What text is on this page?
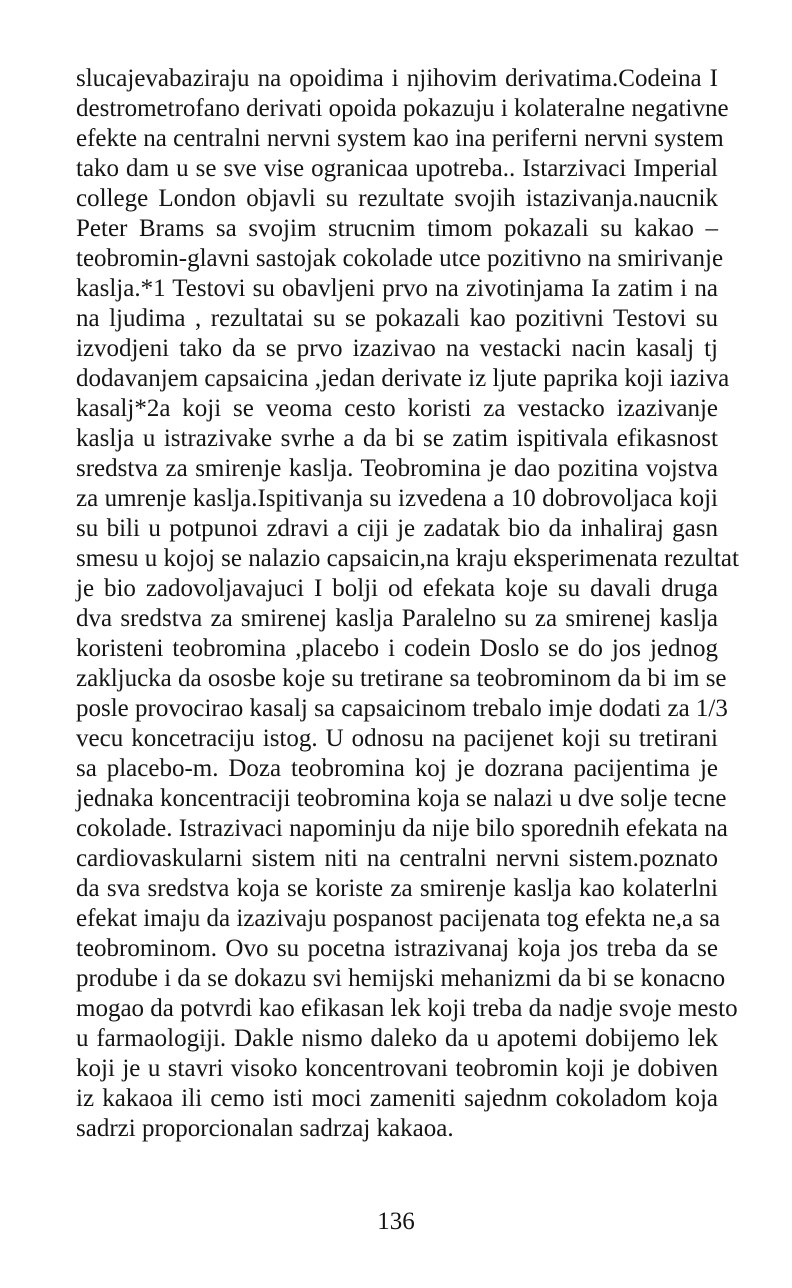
slucajevabaziraju na opoidima i njihovim derivatima.Codeina I
destrometrofano derivati opoida pokazuju i kolateralne negativne
efekte na centralni nervni system kao ina periferni nervni system
tako dam u se sve vise ogranicaa upotreba.. Istarzivaci Imperial
college London objavli su rezultate svojih istazivanja.naucnik
Peter Brams sa svojim strucnim timom pokazali su kakao –
teobromin-glavni sastojak cokolade utce pozitivno na smirivanje
kaslja.*1 Testovi su obavljeni prvo na zivotinjama Ia zatim i na
na ljudima , rezultatai su se pokazali kao pozitivni Testovi su
izvodjeni tako da se prvo izazivao na vestacki nacin kasalj tj
dodavanjem capsaicina ,jedan derivate iz ljute paprika koji iaziva
kasalj*2a koji se veoma cesto koristi za vestacko izazivanje
kaslja u istrazivake svrhe a da bi se zatim ispitivala efikasnost
sredstva za smirenje kaslja. Teobromina je dao pozitina vojstva
za umrenje kaslja.Ispitivanja su izvedena a 10 dobrovoljaca koji
su bili u potpunoi zdravi a ciji je zadatak bio da inhaliraj gasn
smesu u kojoj se nalazio capsaicin,na kraju eksperimenata rezultat
je bio zadovoljavajuci I bolji od efekata koje su davali druga
dva sredstva za smirenej kaslja Paralelno su za smirenej kaslja
koristeni teobromina ,placebo i codein Doslo se do jos jednog
zakljucka da ososbe koje su tretirane sa teobrominom da bi im se
posle provocirao kasalj sa capsaicinom trebalo imje dodati za 1/3
vecu koncetraciju istog. U odnosu na pacijenet koji su tretirani
sa placebo-m. Doza teobromina koj je dozrana pacijentima je
jednaka koncentraciji teobromina koja se nalazi u dve solje tecne
cokolade. Istrazivaci napominju da nije bilo sporednih efekata na
cardiovaskularni sistem niti na centralni nervni sistem.poznato
da sva sredstva koja se koriste za smirenje kaslja kao kolaterlni
efekat imaju da izazivaju pospanost pacijenata tog efekta ne,a sa
teobrominom. Ovo su pocetna istrazivanaj koja jos treba da se
prodube i da se dokazu svi hemijski mehanizmi da bi se konacno
mogao da potvrdi kao efikasan lek koji treba da nadje svoje mesto
u farmaologiji. Dakle nismo daleko da u apotemi dobijemo lek
koji je u stavri visoko koncentrovani teobromin koji je dobiven
iz kakaoa ili cemo isti moci zameniti sajednm cokoladom koja
sadrzi proporcionalan sadrzaj kakaoa.
136
